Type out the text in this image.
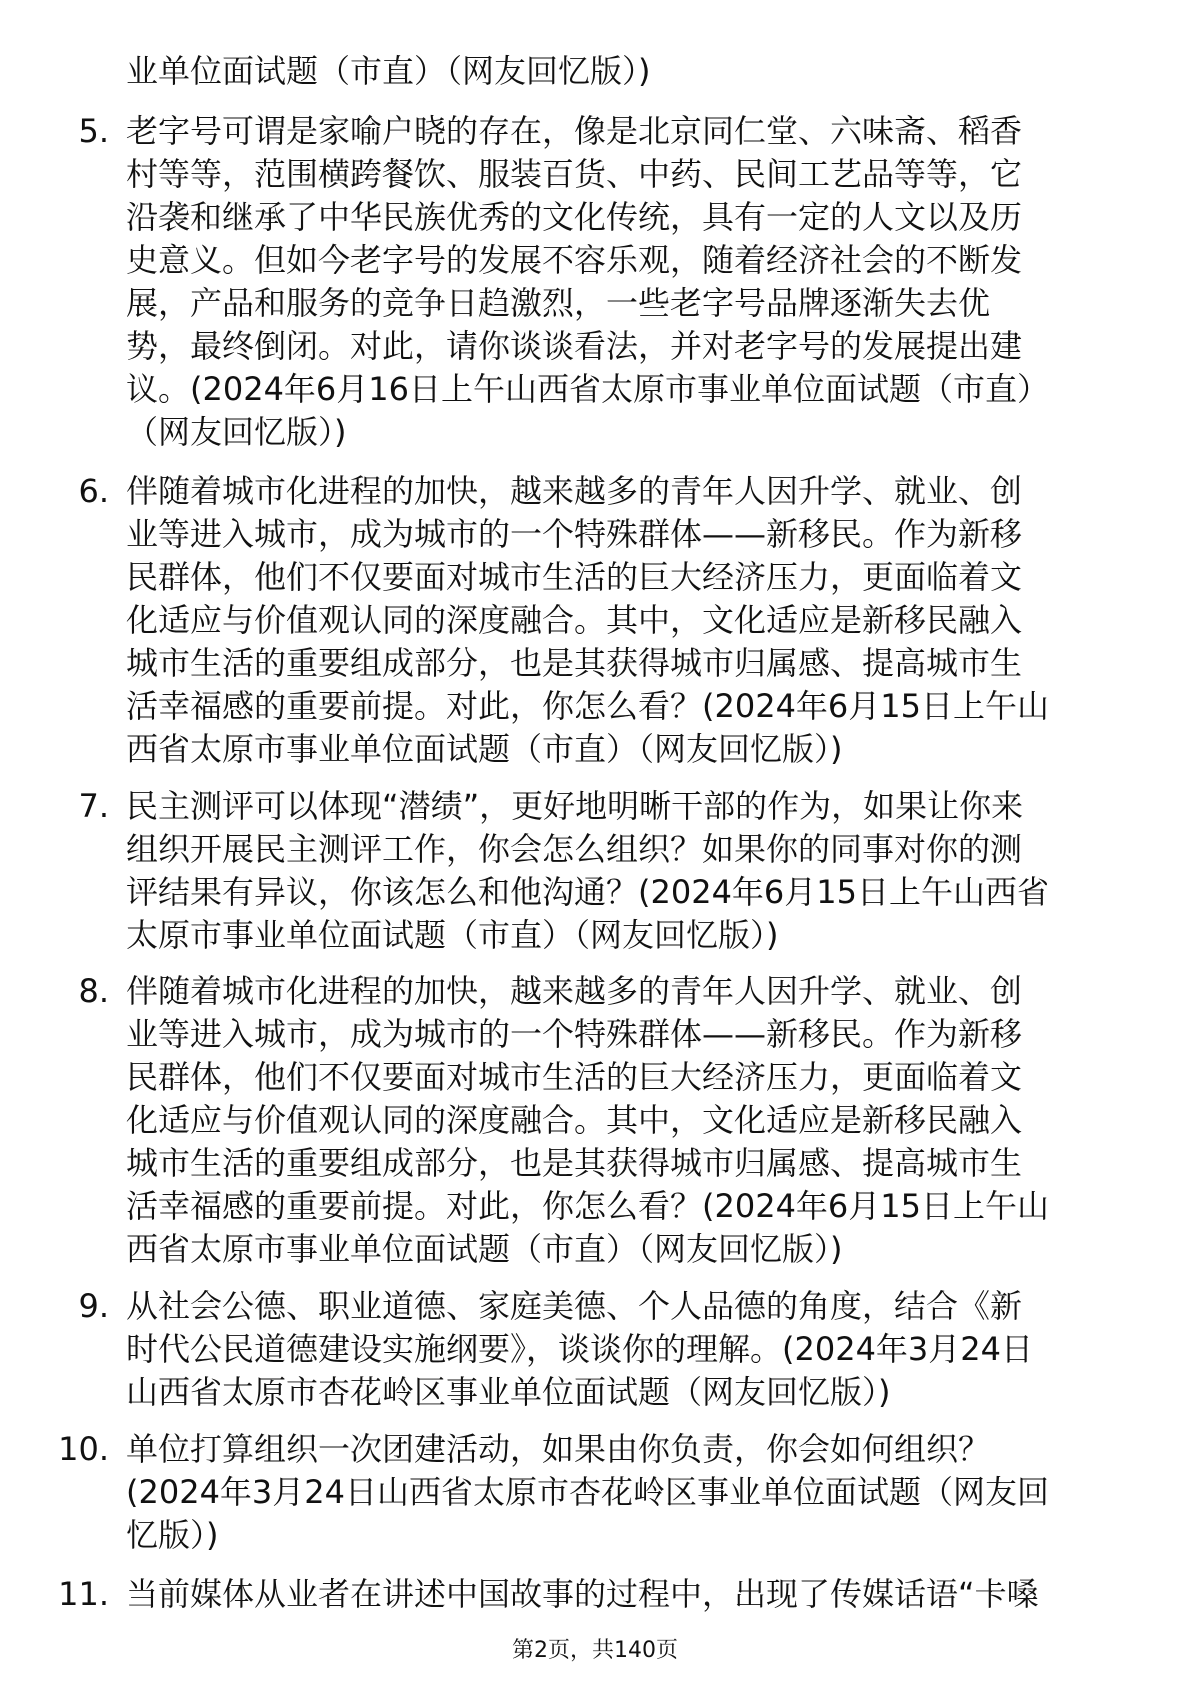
业单位面试题（市直）（网友回忆版）)
5. 老字号可谓是家喻户晓的存在，像是北京同仁堂、六味斋、稻香
村等等，范围横跨餐饮、服装百货、中药、民间工艺品等等，它
沿袭和继承了中华民族优秀的文化传统，具有一定的人文以及历
史意义。但如今老字号的发展不容乐观，随着经济社会的不断发
展，产品和服务的竞争日趋激烈，一些老字号品牌逐渐失去优
势，最终倒闭。对此，请你谈谈看法，并对老字号的发展提出建
议。(2024年6月16日上午山西省太原市事业单位面试题（市直）
（网友回忆版）)
6. 伴随着城市化进程的加快，越来越多的青年人因升学、就业、创
业等进入城市，成为城市的一个特殊群体——新移民。作为新移
民群体，他们不仅要面对城市生活的巨大经济压力，更面临着文
化适应与价值观认同的深度融合。其中，文化适应是新移民融入
城市生活的重要组成部分，也是其获得城市归属感、提高城市生
活幸福感的重要前提。对此，你怎么看？(2024年6月15日上午山
西省太原市事业单位面试题（市直）（网友回忆版）)
7. 民主测评可以体现“潜绩”，更好地明晰干部的作为，如果让你来
组织开展民主测评工作，你会怎么组织？如果你的同事对你的测
评结果有异议，你该怎么和他沟通？(2024年6月15日上午山西省
太原市事业单位面试题（市直）（网友回忆版）)
8. 伴随着城市化进程的加快，越来越多的青年人因升学、就业、创
业等进入城市，成为城市的一个特殊群体——新移民。作为新移
民群体，他们不仅要面对城市生活的巨大经济压力，更面临着文
化适应与价值观认同的深度融合。其中，文化适应是新移民融入
城市生活的重要组成部分，也是其获得城市归属感、提高城市生
活幸福感的重要前提。对此，你怎么看？(2024年6月15日上午山
西省太原市事业单位面试题（市直）（网友回忆版）)
9. 从社会公德、职业道德、家庭美德、个人品德的角度，结合《新
时代公民道德建设实施纲要》，谈谈你的理解。(2024年3月24日
山西省太原市杏花岭区事业单位面试题（网友回忆版）)
10. 单位打算组织一次团建活动，如果由你负责，你会如何组织？
(2024年3月24日山西省太原市杏花岭区事业单位面试题（网友回
忆版）)
11. 当前媒体从业者在讲述中国故事的过程中，出现了传媒话语“卡嗓
第2页，共140页
